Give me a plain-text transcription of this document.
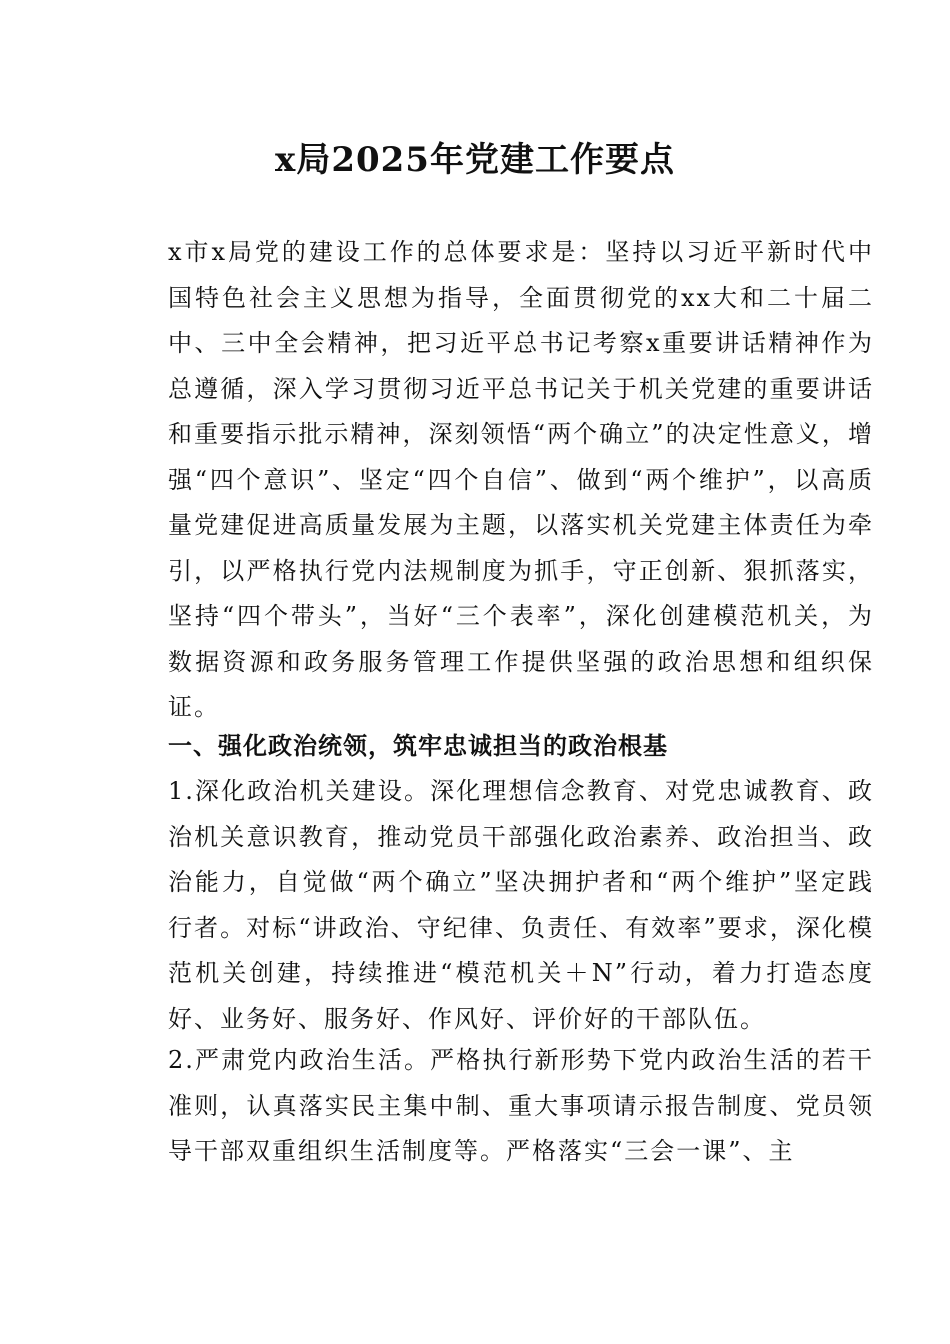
x局2025年党建工作要点

x市x局党的建设工作的总体要求是：坚持以习近平新时代中国特色社会主义思想为指导，全面贯彻党的xx大和二十届二中、三中全会精神，把习近平总书记考察x重要讲话精神作为总遵循，深入学习贯彻习近平总书记关于机关党建的重要讲话和重要指示批示精神，深刻领悟“两个确立”的决定性意义，增强“四个意识”、坚定“四个自信”、做到“两个维护”，以高质量党建促进高质量发展为主题，以落实机关党建主体责任为牵引，以严格执行党内法规制度为抓手，守正创新、狠抓落实，坚持“四个带头”，当好“三个表率”，深化创建模范机关，为数据资源和政务服务管理工作提供坚强的政治思想和组织保证。

一、强化政治统领，筑牢忠诚担当的政治根基

1.深化政治机关建设。深化理想信念教育、对党忠诚教育、政治机关意识教育，推动党员干部强化政治素养、政治担当、政治能力，自觉做“两个确立”坚决拥护者和“两个维护”坚定践行者。对标“讲政治、守纪律、负责任、有效率”要求，深化模范机关创建，持续推进“模范机关＋N”行动，着力打造态度好、业务好、服务好、作风好、评价好的干部队伍。

2.严肃党内政治生活。严格执行新形势下党内政治生活的若干准则，认真落实民主集中制、重大事项请示报告制度、党员领导干部双重组织生活制度等。严格落实“三会一课”、主
